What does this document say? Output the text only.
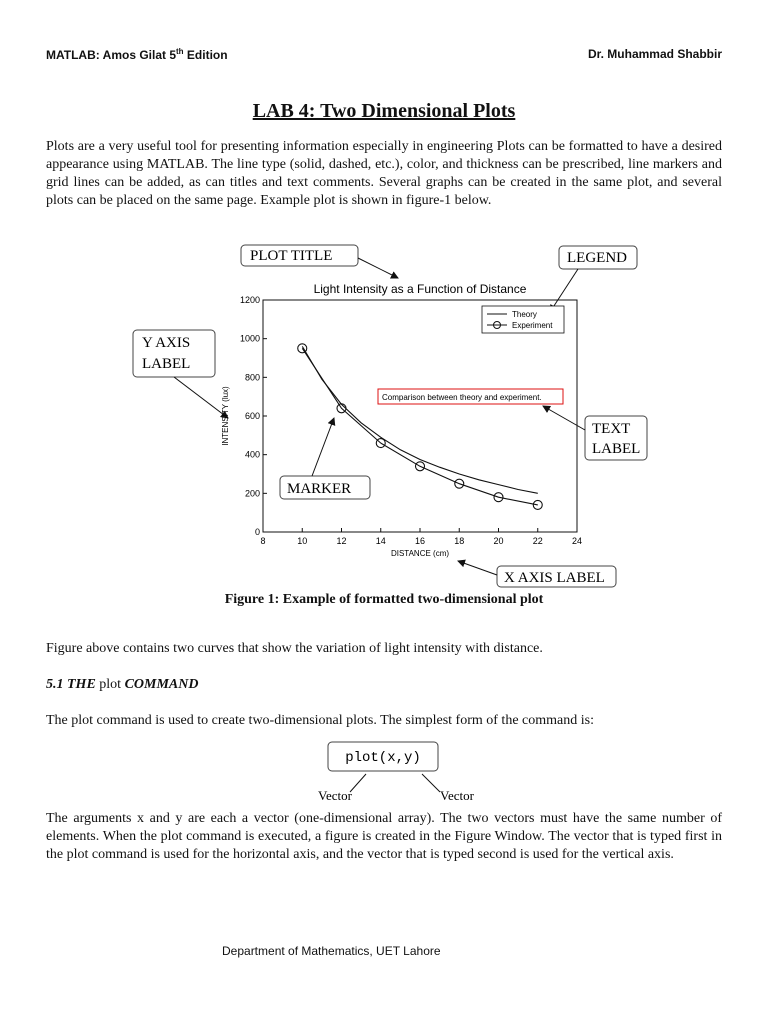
MATLAB: Amos Gilat 5th Edition	Dr. Muhammad Shabbir
LAB 4: Two Dimensional Plots

Plots are a very useful tool for presenting information especially in engineering Plots can be formatted to have a desired appearance using MATLAB. The line type (solid, dashed, etc.), color, and thickness can be prescribed, line markers and grid lines can be added, as can titles and text comments. Several graphs can be created in the same plot, and several plots can be placed on the same page. Example plot is shown in figure-1 below.

PLOT TITLE	LEGEND
Y AXIS
LABEL
TEXT
LABEL
MARKER
X AXIS LABEL
Light Intensity as a Function of Distance
8	10	12	14	16	18	20	22	24
0
200
400
600
800
1000
1200
DISTANCE (cm)
INTENSITY (lux)
Theory
Experiment
Comparison between theory and experiment.
Figure 1: Example of formatted two-dimensional plot

Figure above contains two curves that show the variation of light intensity with distance.

5.1 THE plot COMMAND

The plot command is used to create two-dimensional plots. The simplest form of the command is:

plot(x,y)
Vector	Vector

The arguments x and y are each a vector (one-dimensional array). The two vectors must have the same number of elements. When the plot command is executed, a figure is created in the Figure Window. The vector that is typed first in the plot command is used for the horizontal axis, and the vector that is typed second is used for the vertical axis.

Department of Mathematics, UET Lahore
